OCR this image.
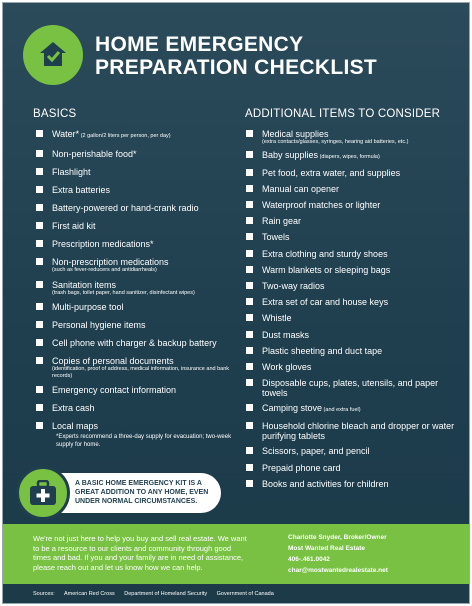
HOME EMERGENCY
PREPARATION CHECKLIST
BASICS	ADDITIONAL ITEMS TO CONSIDER
Water* (2 gallon/2 liters per person, per day)
Non-perishable food*
Flashlight
Extra batteries
Battery-powered or hand-crank radio
First aid kit
Prescription medications*
Non-prescription medications
(such as fever-reducers and antidiarrheals)
Sanitation items
(trash bags, toilet paper, hand sanitizer, disinfectant wipes)
Multi-purpose tool
Personal hygiene items
Cell phone with charger & backup battery
Copies of personal documents
(identification, proof of address, medical information, insurance and bank records)
Emergency contact information
Extra cash
Local maps
Medical supplies
(extra contacts/glasses, syringes, hearing aid batteries, etc.)
Baby supplies (diapers, wipes, formula)
Pet food, extra water, and supplies
Manual can opener
Waterproof matches or lighter
Rain gear
Towels
Extra clothing and sturdy shoes
Warm blankets or sleeping bags
Two-way radios
Extra set of car and house keys
Whistle
Dust masks
Plastic sheeting and duct tape
Work gloves
Disposable cups, plates, utensils, and paper towels
Camping stove (and extra fuel)
Household chlorine bleach and dropper or water purifying tablets
Scissors, paper, and pencil
Prepaid phone card
Books and activities for children
*Experts recommend a three-day supply for evacuation; two-week supply for home.
A BASIC HOME EMERGENCY KIT IS A GREAT ADDITION TO ANY HOME, EVEN UNDER NORMAL CIRCUMSTANCES.
We're not just here to help you buy and sell real estate. We want to be a resource to our clients and community through good times and bad. If you and your family are in need of assistance, please reach out and let us know how we can help.
Charlotte Snyder, Broker/Owner
Most Wanted Real Estate
406-.461.0042
char@mostwantedrealestate.net
Sources: American Red Cross Department of Homeland Security Government of Canada
